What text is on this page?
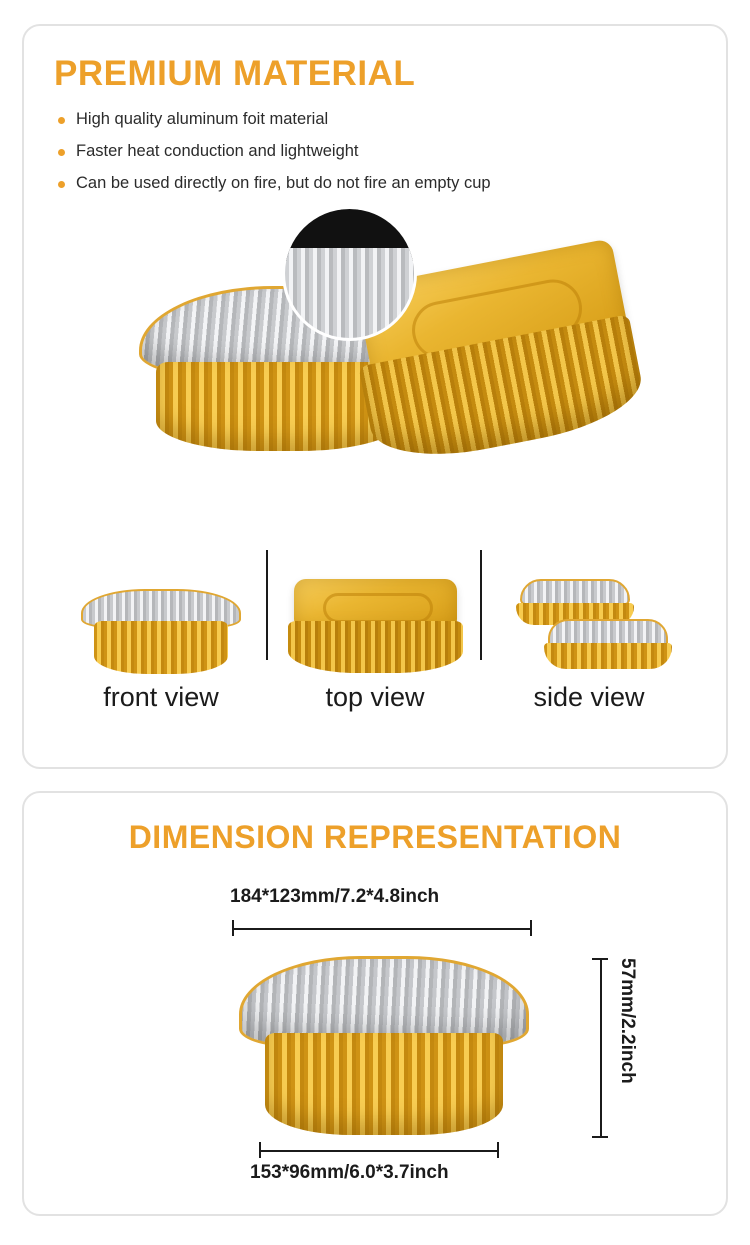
PREMIUM MATERIAL
High quality aluminum foit material
Faster heat conduction and lightweight
Can be used directly on fire, but do not fire an empty cup
front view	top view	side view
DIMENSION REPRESENTATION
184*123mm/7.2*4.8inch
57mm/2.2inch
153*96mm/6.0*3.7inch
